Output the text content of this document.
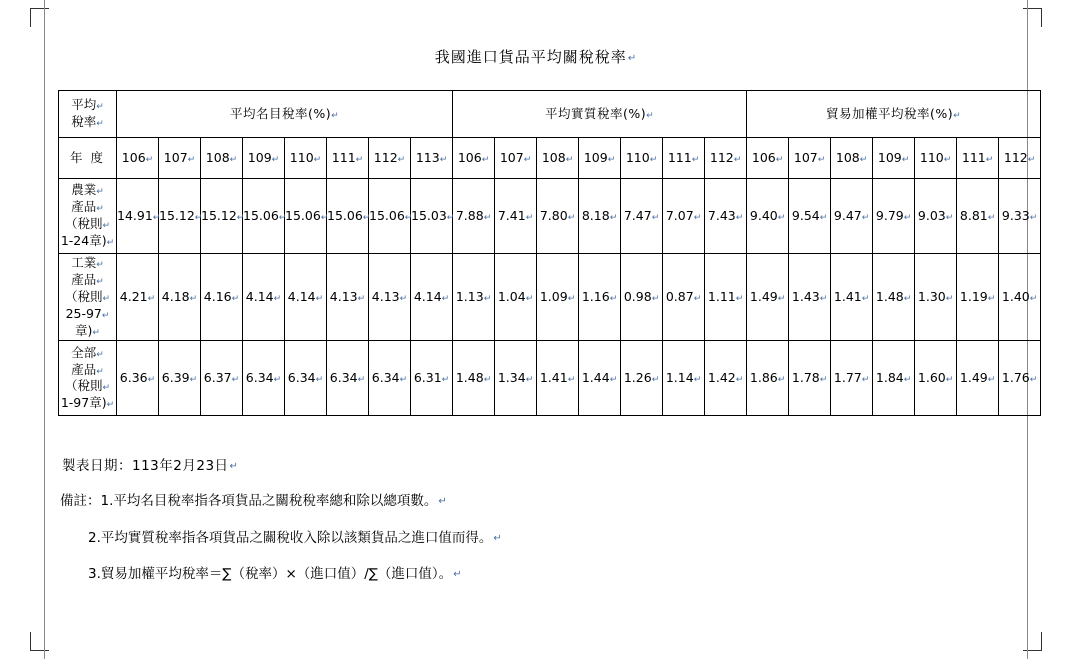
我國進口貨品平均關稅稅率↵
平均↵
稅率↵	平均名目稅率(%)↵								平均實質稅率(%)↵							貿易加權平均稅率(%)↵						
年 度	106↵	107↵	108↵	109↵	110↵	111↵	112↵	113↵	106↵	107↵	108↵	109↵	110↵	111↵	112↵	106↵	107↵	108↵	109↵	110↵	111↵	112↵

農業↵
產品↵
（稅則↵
1-24章)↵	14.91↵	15.12↵	15.12↵	15.06↵	15.06↵	15.06↵	15.06↵	15.03↵	7.88↵	7.41↵	7.80↵	8.18↵	7.47↵	7.07↵	7.43↵	9.40↵	9.54↵	9.47↵	9.79↵	9.03↵	8.81↵	9.33↵

工業↵
產品↵
（稅則↵
25-97↵
章)↵	4.21↵	4.18↵	4.16↵	4.14↵	4.14↵	4.13↵	4.13↵	4.14↵	1.13↵	1.04↵	1.09↵	1.16↵	0.98↵	0.87↵	1.11↵	1.49↵	1.43↵	1.41↵	1.48↵	1.30↵	1.19↵	1.40↵

全部↵
產品↵
（稅則↵
1-97章)↵	6.36↵	6.39↵	6.37↵	6.34↵	6.34↵	6.34↵	6.34↵	6.31↵	1.48↵	1.34↵	1.41↵	1.44↵	1.26↵	1.14↵	1.42↵	1.86↵	1.78↵	1.77↵	1.84↵	1.60↵	1.49↵	1.76↵
製表日期：113年2月23日↵
備註：1.平均名目稅率指各項貨品之關稅稅率總和除以總項數。↵
2.平均實質稅率指各項貨品之關稅收入除以該類貨品之進口值而得。↵
3.貿易加權平均稅率＝∑（稅率）×（進口值）/∑（進口值）。↵
